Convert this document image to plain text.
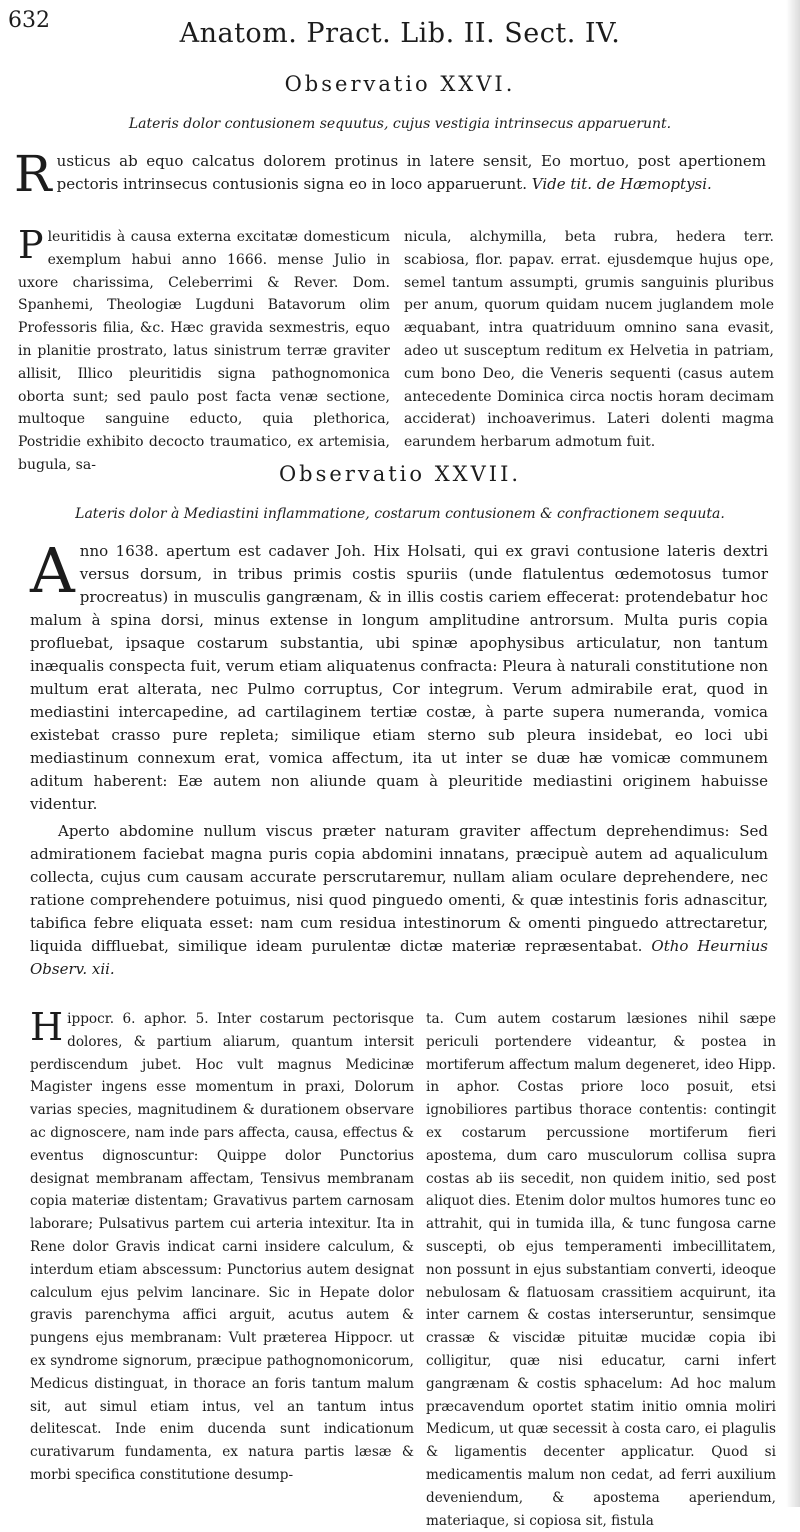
632	Anatom. Pract. Lib. II. Sect. IV.
Observatio XXVI.
Lateris dolor contusionem sequutus, cujus vestigia intrinsecus apparuerunt.
Rusticus ab equo calcatus dolorem protinus in latere sensit, Eo mortuo, post apertionem pectoris intrinsecus contusionis signa eo in loco apparuerunt. Vide tit. de Hæmoptysi.
Pleuritidis à causa externa excitatæ domesticum exemplum habui anno 1666. mense Julio in uxore charissima, Celeberrimi & Rever. Dom. Spanhemi, Theologiæ Lugduni Batavorum olim Professoris filia, &c. Hæc gravida sexmestris, equo in planitie prostrato, latus sinistrum terræ graviter allisit, Illico pleuritidis signa pathognomonica oborta sunt; sed paulo post facta venæ sectione, multoque sanguine educto, quia plethorica, Postridie exhibito decocto traumatico, ex artemisia, bugula, sa-
nicula, alchymilla, beta rubra, hedera terr. scabiosa, flor. papav. errat. ejusdemque hujus ope, semel tantum assumpti, grumis sanguinis pluribus per anum, quorum quidam nucem juglandem mole æquabant, intra quatriduum omnino sana evasit, adeo ut susceptum reditum ex Helvetia in patriam, cum bono Deo, die Veneris sequenti (casus autem antecedente Dominica circa noctis horam decimam acciderat) inchoaverimus. Lateri dolenti magma earundem herbarum admotum fuit.
Observatio XXVII.
Lateris dolor à Mediastini inflammatione, costarum contusionem & confractionem sequuta.
Anno 1638. apertum est cadaver Joh. Hix Holsati, qui ex gravi contusione lateris dextri versus dorsum, in tribus primis costis spuriis (unde flatulentus œdemotosus tumor procreatus) in musculis gangrænam, & in illis costis cariem effecerat: protendebatur hoc malum à spina dorsi, minus extense in longum amplitudine antrorsum. Multa puris copia profluebat, ipsaque costarum substantia, ubi spinæ apophysibus articulatur, non tantum inæqualis conspecta fuit, verum etiam aliquatenus confracta: Pleura à naturali constitutione non multum erat alterata, nec Pulmo corruptus, Cor integrum. Verum admirabile erat, quod in mediastini intercapedine, ad cartilaginem tertiæ costæ, à parte supera numeranda, vomica existebat crasso pure repleta; similique etiam sterno sub pleura insidebat, eo loci ubi mediastinum connexum erat, vomica affectum, ita ut inter se duæ hæ vomicæ communem aditum haberent: Eæ autem non aliunde quam à pleuritide mediastini originem habuisse videntur.
Aperto abdomine nullum viscus præter naturam graviter affectum deprehendimus: Sed admirationem faciebat magna puris copia abdomini innatans, præcipuè autem ad aqualiculum collecta, cujus cum causam accurate perscrutaremur, nullam aliam oculare deprehendere, nec ratione comprehendere potuimus, nisi quod pinguedo omenti, & quæ intestinis foris adnascitur, tabifica febre eliquata esset: nam cum residua intestinorum & omenti pinguedo attrectaretur, liquida diffluebat, similique ideam purulentæ dictæ materiæ repræsentabat. Otho Heurnius Observ. xii.
Hippocr. 6. aphor. 5. Inter costarum pectorisque dolores, & partium aliarum, quantum intersit perdiscendum jubet. Hoc vult magnus Medicinæ Magister ingens esse momentum in praxi, Dolorum varias species, magnitudinem & durationem observare ac dignoscere, nam inde pars affecta, causa, effectus & eventus dignoscuntur: Quippe dolor Punctorius designat membranam affectam, Tensivus membranam copia materiæ distentam; Gravativus partem carnosam laborare; Pulsativus partem cui arteria intexitur. Ita in Rene dolor Gravis indicat carni insidere calculum, & interdum etiam abscessum: Punctorius autem designat calculum ejus pelvim lancinare. Sic in Hepate dolor gravis parenchyma affici arguit, acutus autem & pungens ejus membranam: Vult præterea Hippocr. ut ex syndrome signorum, præcipue pathognomonicorum, Medicus distinguat, in thorace an foris tantum malum sit, aut simul etiam intus, vel an tantum intus delitescat. Inde enim ducenda sunt indicationum curativarum fundamenta, ex natura partis læsæ & morbi specifica constitutione desump-
ta. Cum autem costarum læsiones nihil sæpe periculi portendere videantur, & postea in mortiferum affectum malum degeneret, ideo Hipp. in aphor. Costas priore loco posuit, etsi ignobiliores partibus thorace contentis: contingit ex costarum percussione mortiferum fieri apostema, dum caro musculorum collisa supra costas ab iis secedit, non quidem initio, sed post aliquot dies. Etenim dolor multos humores tunc eo attrahit, qui in tumida illa, & tunc fungosa carne suscepti, ob ejus temperamenti imbecillitatem, non possunt in ejus substantiam converti, ideoque nebulosam & flatuosam crassitiem acquirunt, ita inter carnem & costas interseruntur, sensimque crassæ & viscidæ pituitæ mucidæ copia ibi colligitur, quæ nisi educatur, carni infert gangrænam & costis sphacelum: Ad hoc malum præcavendum oportet statim initio omnia moliri Medicum, ut quæ secessit à costa caro, ei plagulis & ligamentis decenter applicatur. Quod si medicamentis malum non cedat, ad ferri auxilium deveniendum, & apostema aperiendum, materiaque, si copiosa sit, fistula
